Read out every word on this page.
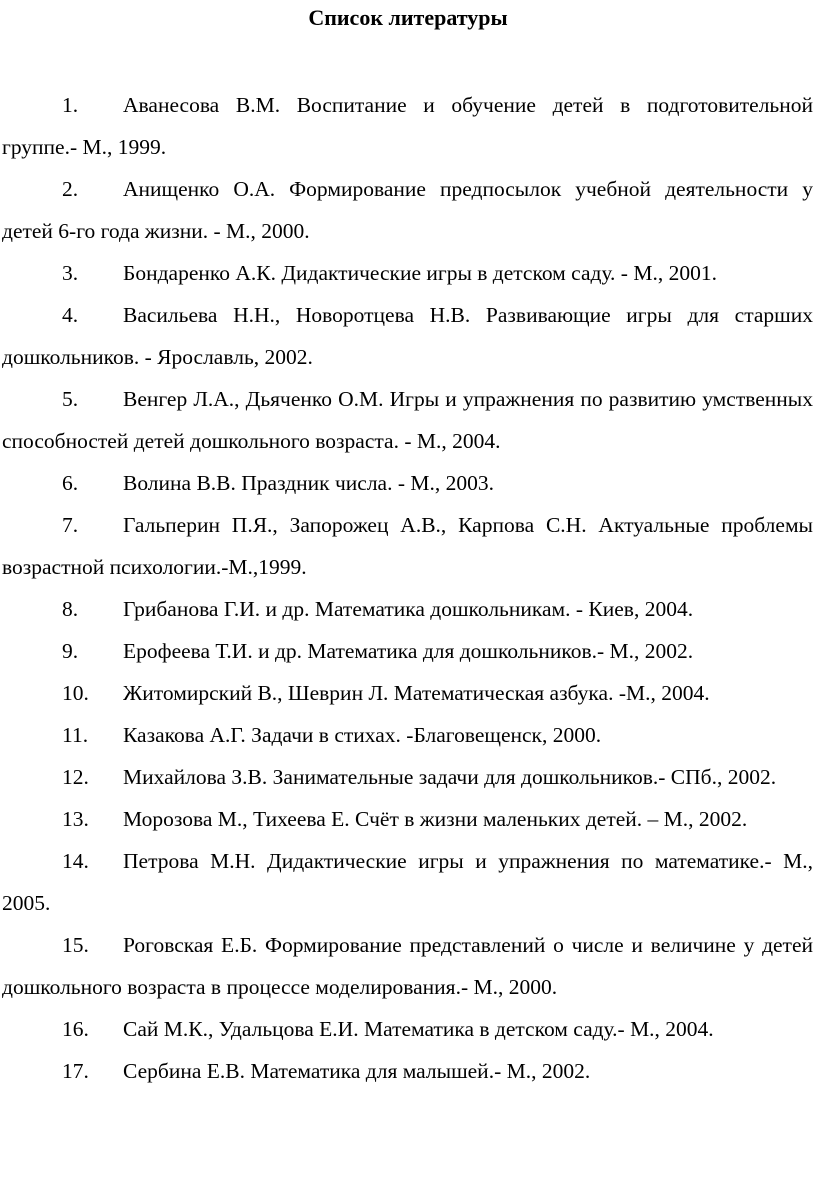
Список литературы
1. Аванесова В.М. Воспитание и обучение детей в подготовительной группе.- М., 1999.
2. Анищенко О.А. Формирование предпосылок учебной деятельности у детей 6-го года жизни. - М., 2000.
3. Бондаренко А.К. Дидактические игры в детском саду. - М., 2001.
4. Васильева Н.Н., Новоротцева Н.В. Развивающие игры для старших дошкольников. - Ярославль, 2002.
5. Венгер Л.А., Дьяченко О.М. Игры и упражнения по развитию умственных способностей детей дошкольного возраста. - М., 2004.
6. Волина В.В. Праздник числа. - М., 2003.
7. Гальперин П.Я., Запорожец А.В., Карпова С.Н. Актуальные проблемы возрастной психологии.-М.,1999.
8. Грибанова Г.И. и др. Математика дошкольникам. - Киев, 2004.
9. Ерофеева Т.И. и др. Математика для дошкольников.- М., 2002.
10. Житомирский В., Шеврин Л. Математическая азбука. -М., 2004.
11. Казакова А.Г. Задачи в стихах. -Благовещенск, 2000.
12. Михайлова З.В. Занимательные задачи для дошкольников.- СПб., 2002.
13. Морозова М., Тихеева Е. Счёт в жизни маленьких детей. – М., 2002.
14. Петрова М.Н. Дидактические игры и упражнения по математике.- М., 2005.
15. Роговская Е.Б. Формирование представлений о числе и величине у детей дошкольного возраста в процессе моделирования.- М., 2000.
16. Сай М.К., Удальцова Е.И. Математика в детском саду.- М., 2004.
17. Сербина Е.В. Математика для малышей.- М., 2002.
